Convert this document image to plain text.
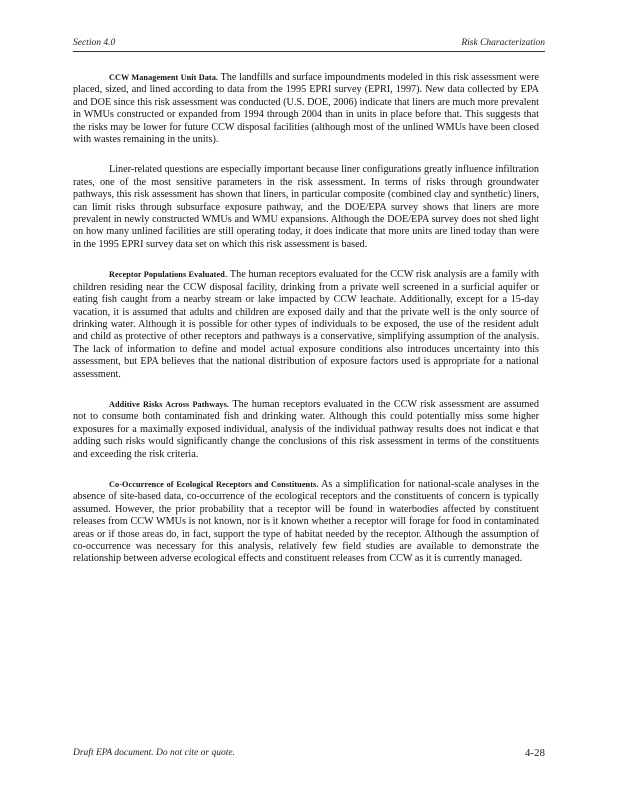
Section 4.0	Risk Characterization

CCW Management Unit Data. The landfills and surface impoundments modeled in this risk assessment were placed, sized, and lined according to data from the 1995 EPRI survey (EPRI, 1997). New data collected by EPA and DOE since this risk assessment was conducted (U.S. DOE, 2006) indicate that liners are much more prevalent in WMUs constructed or expanded from 1994 through 2004 than in units in place before that. This suggests that the risks may be lower for future CCW disposal facilities (although most of the unlined WMUs have been closed with wastes remaining in the units).

Liner-related questions are especially important because liner configurations greatly influence infiltration rates, one of the most sensitive parameters in the risk assessment. In terms of risks through groundwater pathways, this risk assessment has shown that liners, in particular composite (combined clay and synthetic) liners, can limit risks through subsurface exposure pathway, and the DOE/EPA survey shows that liners are more prevalent in newly constructed WMUs and WMU expansions. Although the DOE/EPA survey does not shed light on how many unlined facilities are still operating today, it does indicate that more units are lined today than were in the 1995 EPRI survey data set on which this risk assessment is based.

Receptor Populations Evaluated. The human receptors evaluated for the CCW risk analysis are a family with children residing near the CCW disposal facility, drinking from a private well screened in a surficial aquifer or eating fish caught from a nearby stream or lake impacted by CCW leachate. Additionally, except for a 15-day vacation, it is assumed that adults and children are exposed daily and that the private well is the only source of drinking water. Although it is possible for other types of individuals to be exposed, the use of the resident adult and child as protective of other receptors and pathways is a conservative, simplifying assumption of the analysis. The lack of information to define and model actual exposure conditions also introduces uncertainty into this assessment, but EPA believes that the national distribution of exposure factors used is appropriate for a national assessment.

Additive Risks Across Pathways. The human receptors evaluated in the CCW risk assessment are assumed not to consume both contaminated fish and drinking water. Although this could potentially miss some higher exposures for a maximally exposed individual, analysis of the individual pathway results does not indicat e that adding such risks would significantly change the conclusions of this risk assessment in terms of the constituents and exceeding the risk criteria.

Co-Occurrence of Ecological Receptors and Constituents. As a simplification for national-scale analyses in the absence of site-based data, co-occurrence of the ecological receptors and the constituents of concern is typically assumed. However, the prior probability that a receptor will be found in waterbodies affected by constituent releases from CCW WMUs is not known, nor is it known whether a receptor will forage for food in contaminated areas or if those areas do, in fact, support the type of habitat needed by the receptor. Although the assumption of co-occurrence was necessary for this analysis, relatively few field studies are available to demonstrate the relationship between adverse ecological effects and constituent releases from CCW as it is currently managed.

Draft EPA document. Do not cite or quote.	4-28
